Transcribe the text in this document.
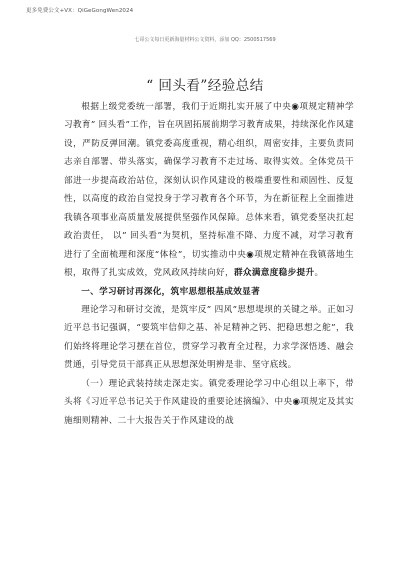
更多免费公文+VX：QiGeGongWen2024
七哥公文每日更新海量材料公文资料，添加 QQ：2500517569
“ 回头看”经验总结

根据上级党委统一部署，我们于近期扎实开展了中央◉项规定精神学习教育” 回头看”工作，旨在巩固拓展前期学习教育成果，持续深化作风建设，严防反弹回潮。镇党委高度重视，精心组织，周密安排，主要负责同志亲自部署、带头落实，确保学习教育不走过场、取得实效。全体党员干部进一步提高政治站位，深刻认识作风建设的极端重要性和顽固性、反复性，以高度的政治自觉投身于学习教育各个环节，为在新征程上全面推进我镇各项事业高质量发展提供坚强作风保障。总体来看，镇党委坚决扛起政治责任， 以” 回头看”为契机，坚持标准不降、力度不减，对学习教育进行了全面梳理和深度“体检”，切实推动中央◉项规定精神在我镇落地生根，取得了扎实成效，党风政风持续向好，群众满意度稳步提升。

一、学习研讨再深化，筑牢思想根基成效显著

理论学习和研讨交流，是筑牢反” 四风”思想堤坝的关键之举。正如习近平总书记强调，“要筑牢信仰之基、补足精神之钙、把稳思想之舵”，我们始终将理论学习摆在首位，贯穿学习教育全过程，力求学深悟透、融会贯通，引导党员干部真正从思想深处明辨是非、坚守底线。

（一）理论武装持续走深走实。镇党委理论学习中心组以上率下，带头将《习近平总书记关于作风建设的重要论述摘编》、中央◉项规定及其实施细则精神、二十大报告关于作风建设的战
